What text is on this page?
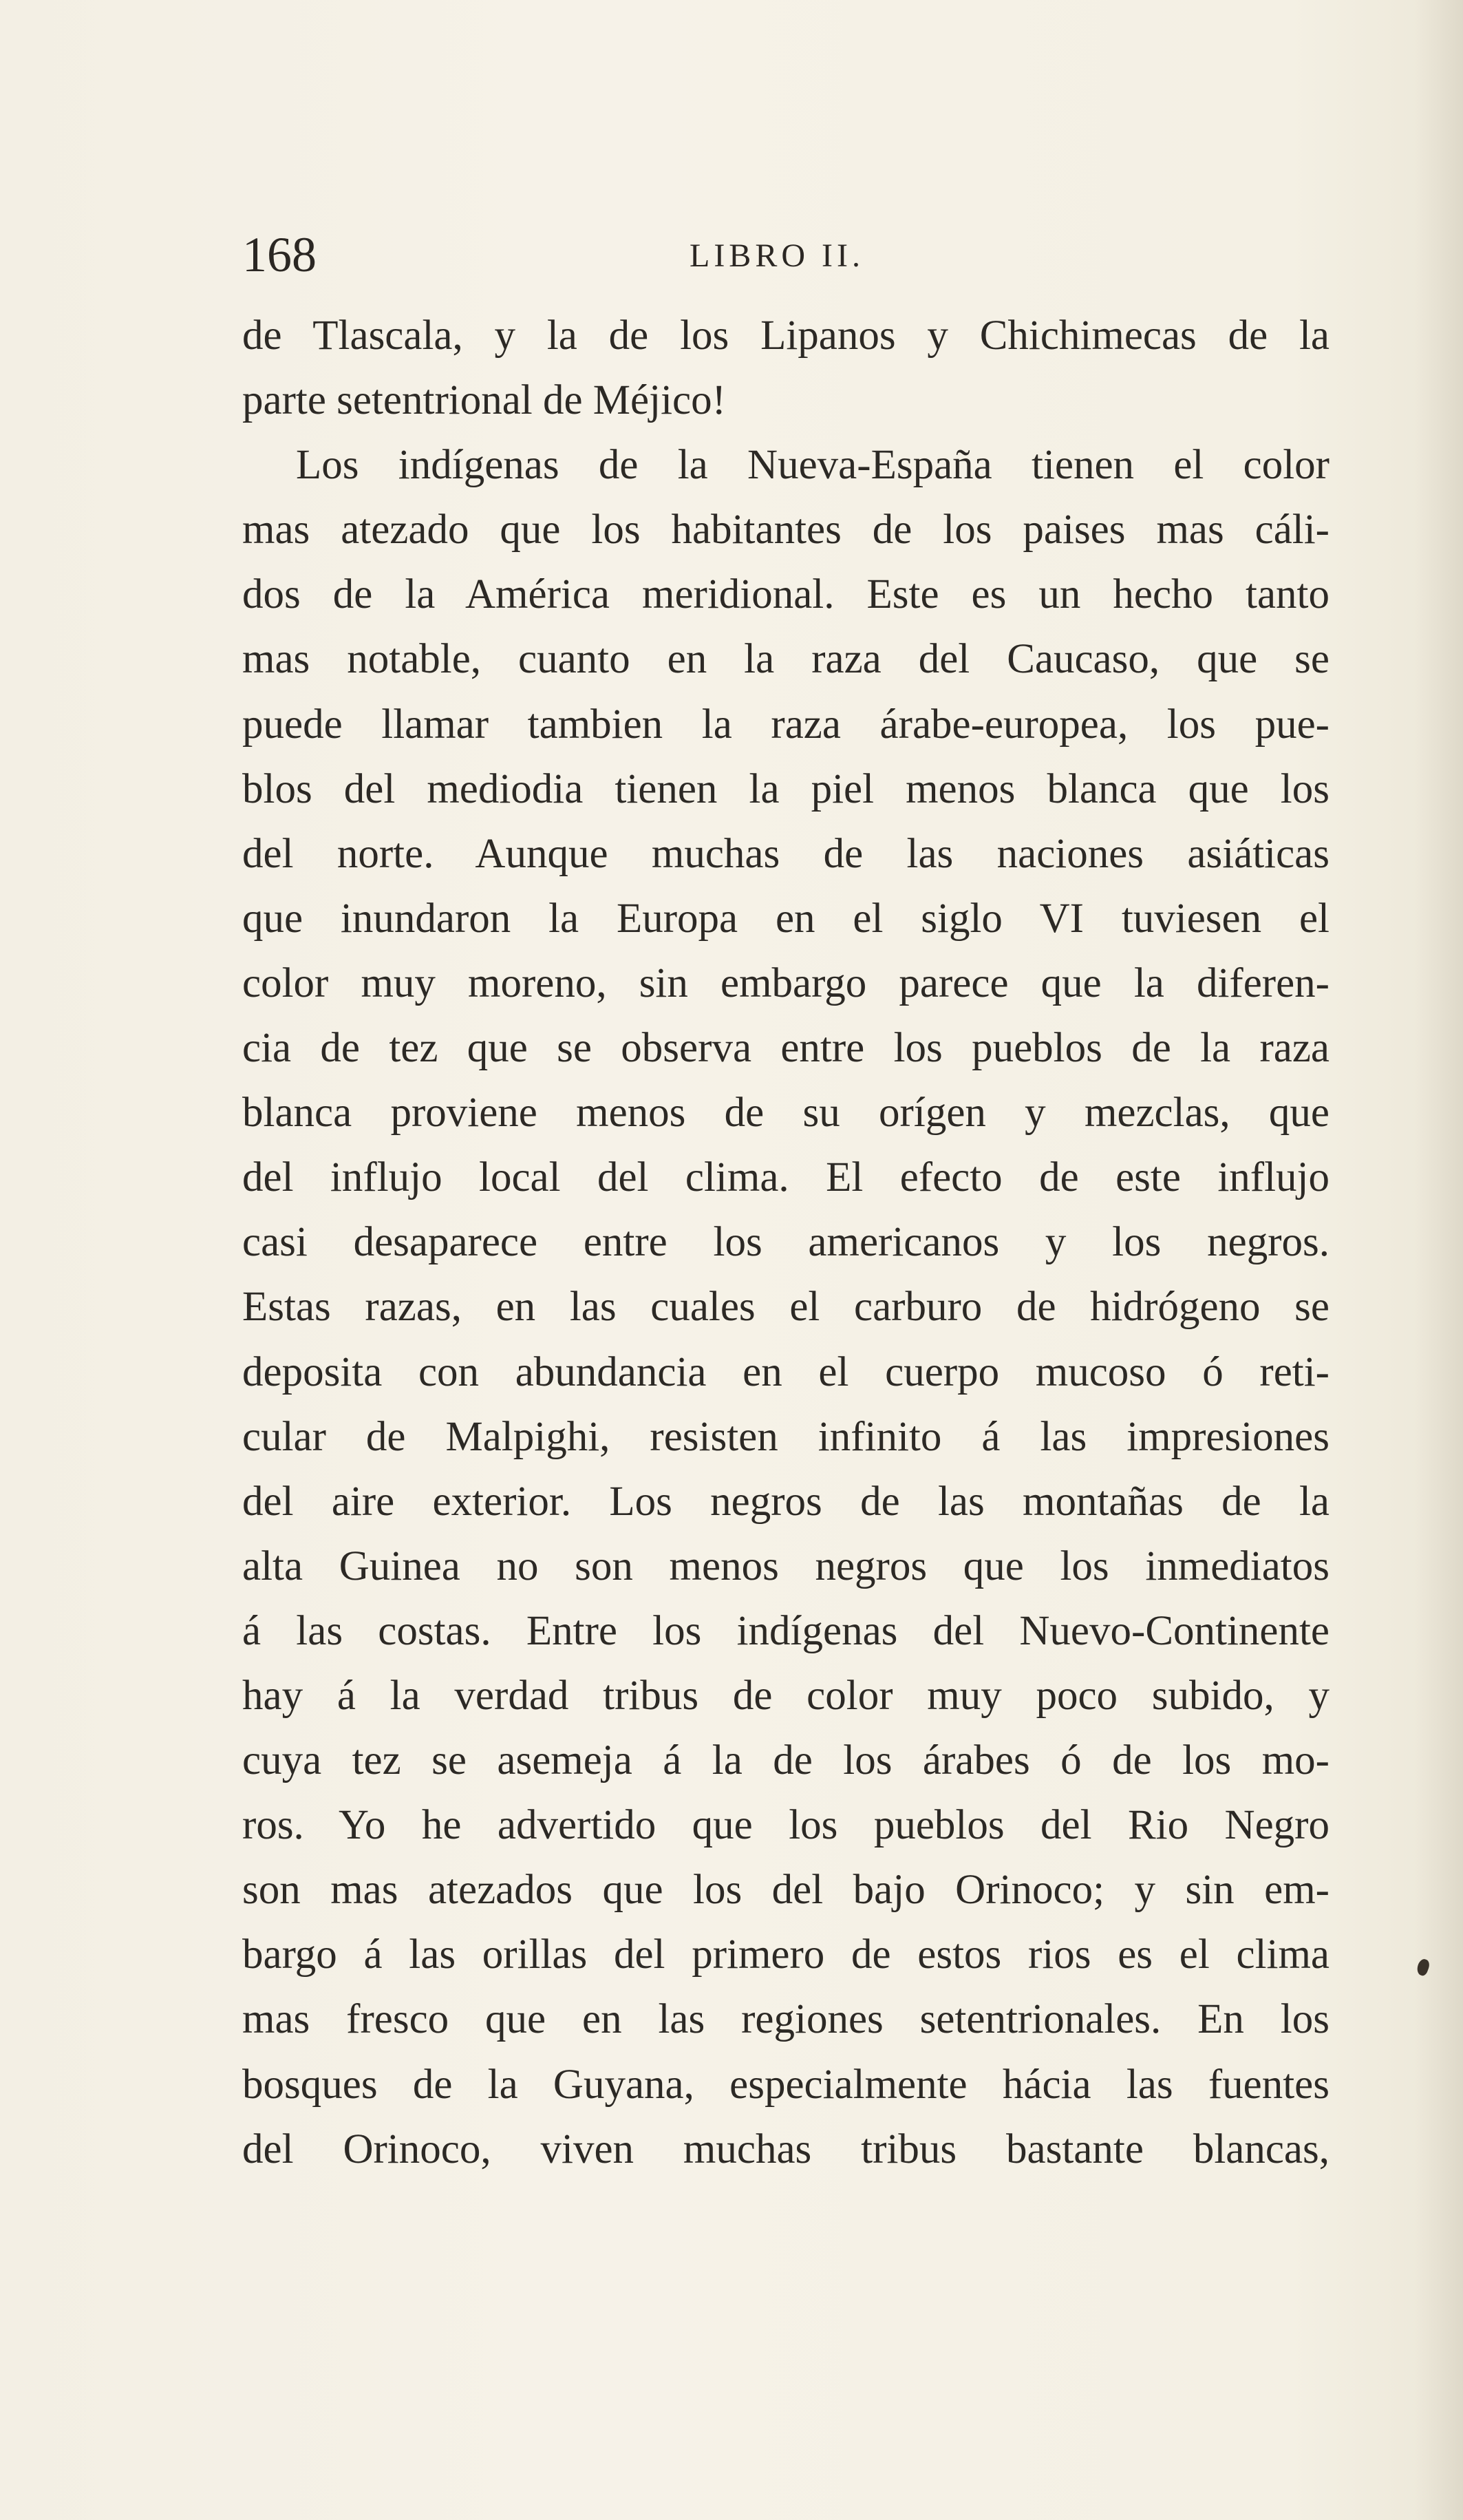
168	LIBRO II.
de Tlascala, y la de los Lipanos y Chichimecas de la
parte setentrional de Méjico!
Los indígenas de la Nueva-España tienen el color
mas atezado que los habitantes de los paises mas cáli-
dos de la América meridional. Este es un hecho tanto
mas notable, cuanto en la raza del Caucaso, que se
puede llamar tambien la raza árabe-europea, los pue-
blos del mediodia tienen la piel menos blanca que los
del norte. Aunque muchas de las naciones asiáticas
que inundaron la Europa en el siglo VI tuviesen el
color muy moreno, sin embargo parece que la diferen-
cia de tez que se observa entre los pueblos de la raza
blanca proviene menos de su orígen y mezclas, que
del influjo local del clima. El efecto de este influjo
casi desaparece entre los americanos y los negros.
Estas razas, en las cuales el carburo de hidrógeno se
deposita con abundancia en el cuerpo mucoso ó reti-
cular de Malpighi, resisten infinito á las impresiones
del aire exterior. Los negros de las montañas de la
alta Guinea no son menos negros que los inmediatos
á las costas. Entre los indígenas del Nuevo-Continente
hay á la verdad tribus de color muy poco subido, y
cuya tez se asemeja á la de los árabes ó de los mo-
ros. Yo he advertido que los pueblos del Rio Negro
son mas atezados que los del bajo Orinoco; y sin em-
bargo á las orillas del primero de estos rios es el clima
mas fresco que en las regiones setentrionales. En los
bosques de la Guyana, especialmente hácia las fuentes
del Orinoco, viven muchas tribus bastante blancas,
